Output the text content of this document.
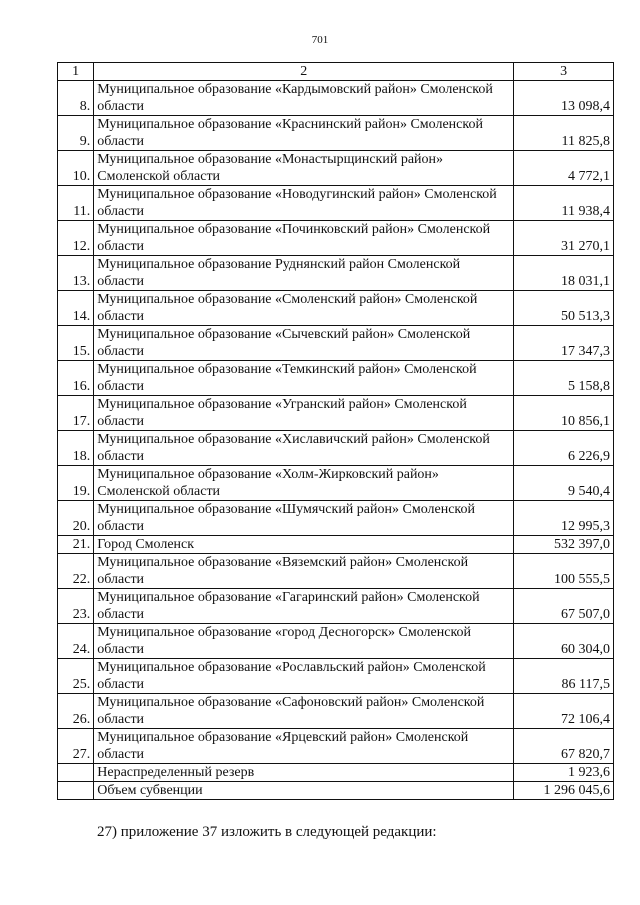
701
1	2	3
8.	Муниципальное образование «Кардымовский район» Смоленской области	13 098,4
9.	Муниципальное образование «Краснинский район» Смоленской области	11 825,8
10.	Муниципальное образование «Монастырщинский район» Смоленской области	4 772,1
11.	Муниципальное образование «Новодугинский район» Смоленской области	11 938,4
12.	Муниципальное образование «Починковский район» Смоленской области	31 270,1
13.	Муниципальное образование Руднянский район Смоленской области	18 031,1
14.	Муниципальное образование «Смоленский район» Смоленской области	50 513,3
15.	Муниципальное образование «Сычевский район» Смоленской области	17 347,3
16.	Муниципальное образование «Темкинский район» Смоленской области	5 158,8
17.	Муниципальное образование «Угранский район» Смоленской области	10 856,1
18.	Муниципальное образование «Хиславичский район» Смоленской области	6 226,9
19.	Муниципальное образование «Холм-Жирковский район» Смоленской области	9 540,4
20.	Муниципальное образование «Шумячский район» Смоленской области	12 995,3
21.	Город Смоленск	532 397,0
22.	Муниципальное образование «Вяземский район» Смоленской области	100 555,5
23.	Муниципальное образование «Гагаринский район» Смоленской области	67 507,0
24.	Муниципальное образование «город Десногорск» Смоленской области	60 304,0
25.	Муниципальное образование «Рославльский район» Смоленской области	86 117,5
26.	Муниципальное образование «Сафоновский район» Смоленской области	72 106,4
27.	Муниципальное образование «Ярцевский район» Смоленской области	67 820,7
	Нераспределенный резерв	1 923,6
	Объем субвенции	1 296 045,6
27) приложение 37 изложить в следующей редакции:
